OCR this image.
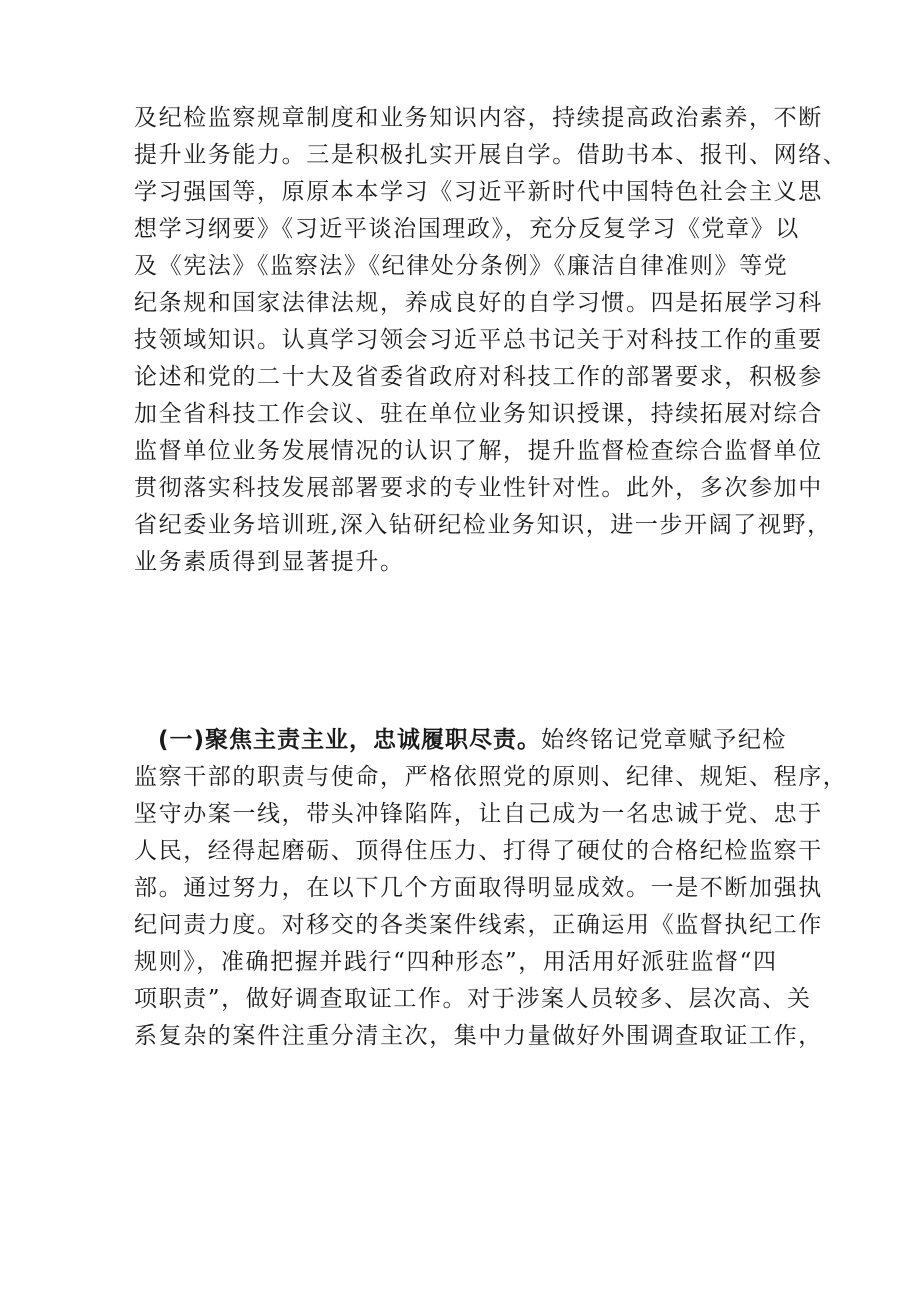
及纪检监察规章制度和业务知识内容，持续提高政治素养，不断
提升业务能力。三是积极扎实开展自学。借助书本、报刊、网络、
学习强国等，原原本本学习《习近平新时代中国特色社会主义思
想学习纲要》《习近平谈治国理政》，充分反复学习《党章》以
及《宪法》《监察法》《纪律处分条例》《廉洁自律准则》等党
纪条规和国家法律法规，养成良好的自学习惯。四是拓展学习科
技领域知识。认真学习领会习近平总书记关于对科技工作的重要
论述和党的二十大及省委省政府对科技工作的部署要求，积极参
加全省科技工作会议、驻在单位业务知识授课，持续拓展对综合
监督单位业务发展情况的认识了解，提升监督检查综合监督单位
贯彻落实科技发展部署要求的专业性针对性。此外，多次参加中
省纪委业务培训班,深入钻研纪检业务知识，进一步开阔了视野，
业务素质得到显著提升。
(一)聚焦主责主业，忠诚履职尽责。始终铭记党章赋予纪检
监察干部的职责与使命，严格依照党的原则、纪律、规矩、程序，
坚守办案一线，带头冲锋陷阵，让自己成为一名忠诚于党、忠于
人民，经得起磨砺、顶得住压力、打得了硬仗的合格纪检监察干
部。通过努力，在以下几个方面取得明显成效。一是不断加强执
纪问责力度。对移交的各类案件线索，正确运用《监督执纪工作
规则》，准确把握并践行“四种形态”，用活用好派驻监督“四
项职责”，做好调查取证工作。对于涉案人员较多、层次高、关
系复杂的案件注重分清主次，集中力量做好外围调查取证工作，
